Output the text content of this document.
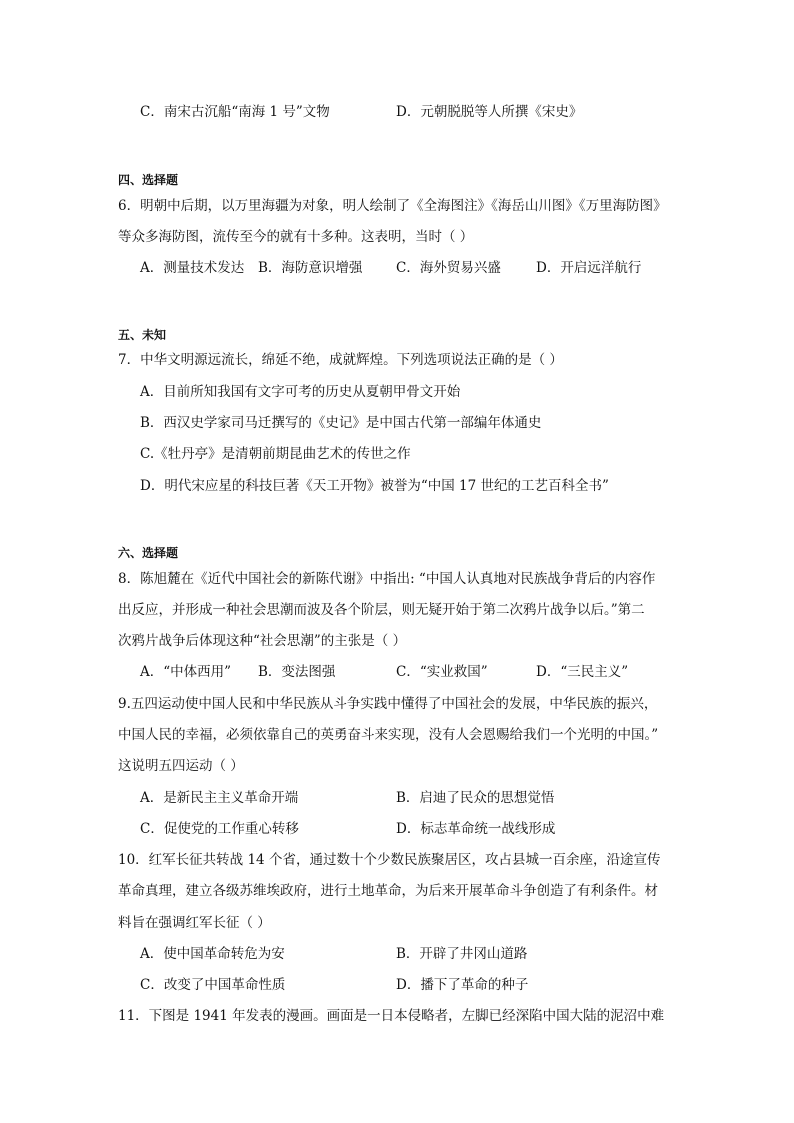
C．南宋古沉船“南海 1 号”文物	D．元朝脱脱等人所撰《宋史》
四、选择题
6．明朝中后期，以万里海疆为对象，明人绘制了《全海图注》《海岳山川图》《万里海防图》
等众多海防图，流传至今的就有十多种。这表明，当时（ ）
A．测量技术发达 B．海防意识增强 C．海外贸易兴盛	D．开启远洋航行
五、未知
7．中华文明源远流长，绵延不绝，成就辉煌。下列选项说法正确的是（ ）
A．目前所知我国有文字可考的历史从夏朝甲骨文开始
B．西汉史学家司马迁撰写的《史记》是中国古代第一部编年体通史
C.《牡丹亭》是清朝前期昆曲艺术的传世之作
D．明代宋应星的科技巨著《天工开物》被誉为“中国 17 世纪的工艺百科全书”
六、选择题
8．陈旭麓在《近代中国社会的新陈代谢》中指出: “中国人认真地对民族战争背后的内容作
出反应，并形成一种社会思潮而波及各个阶层，则无疑开始于第二次鸦片战争以后。”第二
次鸦片战争后体现这种“社会思潮”的主张是（ ）
A．“中体西用” B．变法图强	C．“实业救国”	D．“三民主义”
9.五四运动使中国人民和中华民族从斗争实践中懂得了中国社会的发展，中华民族的振兴，
中国人民的幸福，必须依靠自己的英勇奋斗来实现，没有人会恩赐给我们一个光明的中国。”
这说明五四运动（ ）
A．是新民主主义革命开端	B．启迪了民众的思想觉悟
C．促使党的工作重心转移	D．标志革命统一战线形成
10．红军长征共转战 14 个省，通过数十个少数民族聚居区，攻占县城一百余座，沿途宣传
革命真理，建立各级苏维埃政府，进行土地革命，为后来开展革命斗争创造了有利条件。材
料旨在强调红军长征（ ）
A．使中国革命转危为安	B．开辟了井冈山道路
C．改变了中国革命性质	D．播下了革命的种子
11．下图是 1941 年发表的漫画。画面是一日本侵略者，左脚已经深陷中国大陆的泥沼中难
